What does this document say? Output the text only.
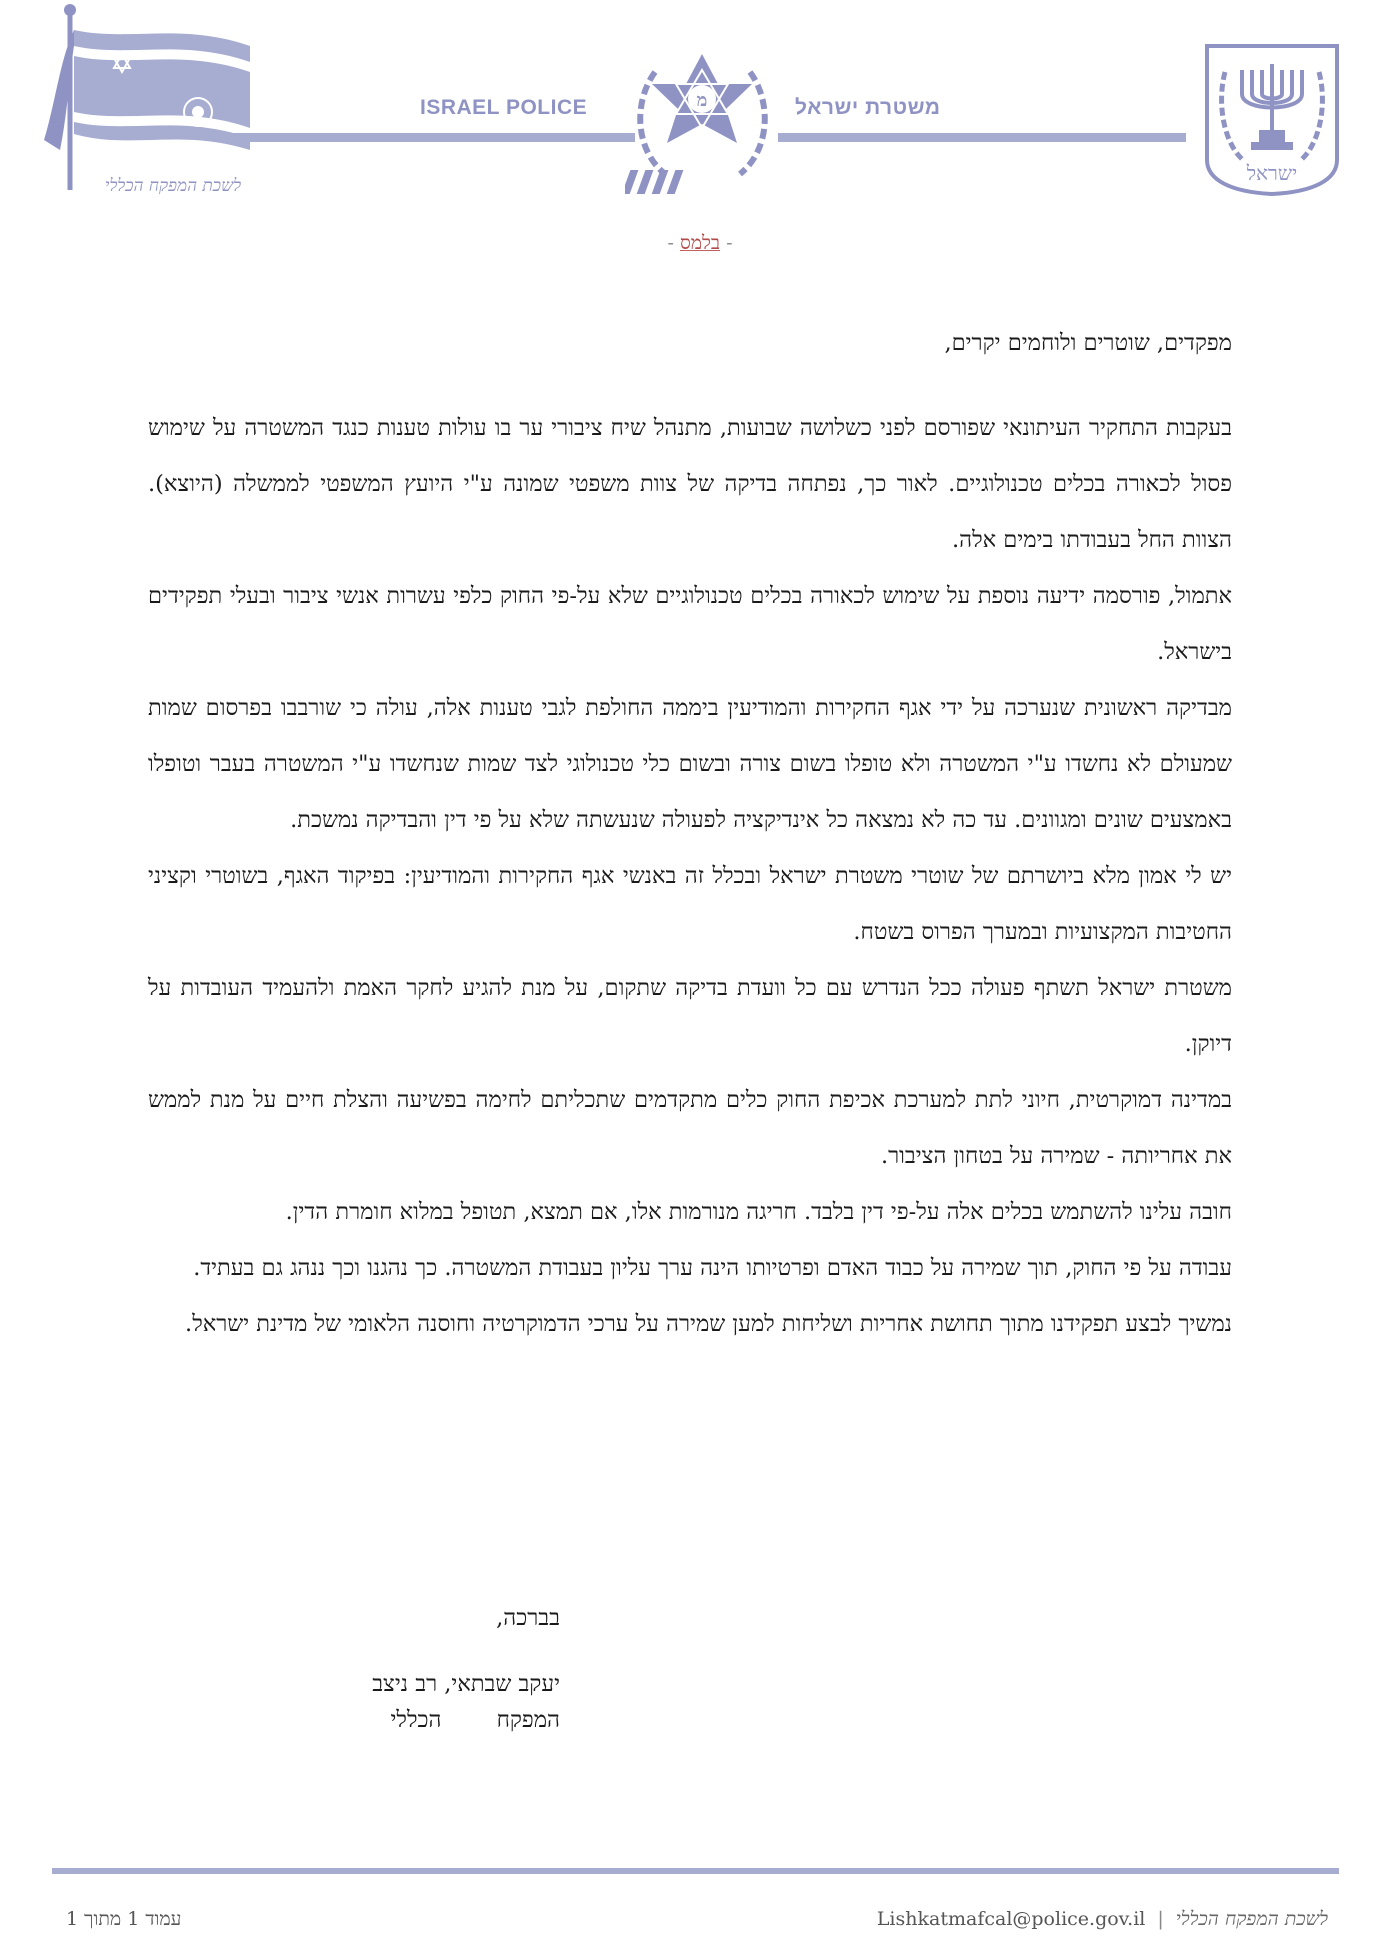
לשכת המפקח הכללי
ISRAEL POLICE	משטרת ישראל
מ
ישראל
- בלמס -
מפקדים, שוטרים ולוחמים יקרים,

בעקבות התחקיר העיתונאי שפורסם לפני כשלושה שבועות, מתנהל שיח ציבורי ער בו עולות טענות כנגד המשטרה על שימוש פסול לכאורה בכלים טכנולוגיים. לאור כך, נפתחה בדיקה של צוות משפטי שמונה ע"י היועץ המשפטי לממשלה (היוצא). הצוות החל בעבודתו בימים אלה.

אתמול, פורסמה ידיעה נוספת על שימוש לכאורה בכלים טכנולוגיים שלא על-פי החוק כלפי עשרות אנשי ציבור ובעלי תפקידים בישראל.

מבדיקה ראשונית שנערכה על ידי אגף החקירות והמודיעין ביממה החולפת לגבי טענות אלה, עולה כי שורבבו בפרסום שמות שמעולם לא נחשדו ע"י המשטרה ולא טופלו בשום צורה ובשום כלי טכנולוגי לצד שמות שנחשדו ע"י המשטרה בעבר וטופלו באמצעים שונים ומגוונים. עד כה לא נמצאה כל אינדיקציה לפעולה שנעשתה שלא על פי דין והבדיקה נמשכת.

יש לי אמון מלא ביושרתם של שוטרי משטרת ישראל ובכלל זה באנשי אגף החקירות והמודיעין: בפיקוד האגף, בשוטרי וקציני החטיבות המקצועיות ובמערך הפרוס בשטח.

משטרת ישראל תשתף פעולה ככל הנדרש עם כל וועדת בדיקה שתקום, על מנת להגיע לחקר האמת ולהעמיד העובדות על דיוקן.

במדינה דמוקרטית, חיוני לתת למערכת אכיפת החוק כלים מתקדמים שתכליתם לחימה בפשיעה והצלת חיים על מנת לממש את אחריותה - שמירה על בטחון הציבור.

חובה עלינו להשתמש בכלים אלה על-פי דין בלבד. חריגה מנורמות אלו, אם תמצא, תטופל במלוא חומרת הדין.

עבודה על פי החוק, תוך שמירה על כבוד האדם ופרטיותו הינה ערך עליון בעבודת המשטרה. כך נהגנו וכך ננהג גם בעתיד.

נמשיך לבצע תפקידנו מתוך תחושת אחריות ושליחות למען שמירה על ערכי הדמוקרטיה וחוסנה הלאומי של מדינת ישראל.

בברכה,

יעקב שבתאי, רב ניצב

המפקח הכללי

לשכת המפקח הכללי|Lishkatmafcal@police.gov.il
עמוד 1 מתוך 1
